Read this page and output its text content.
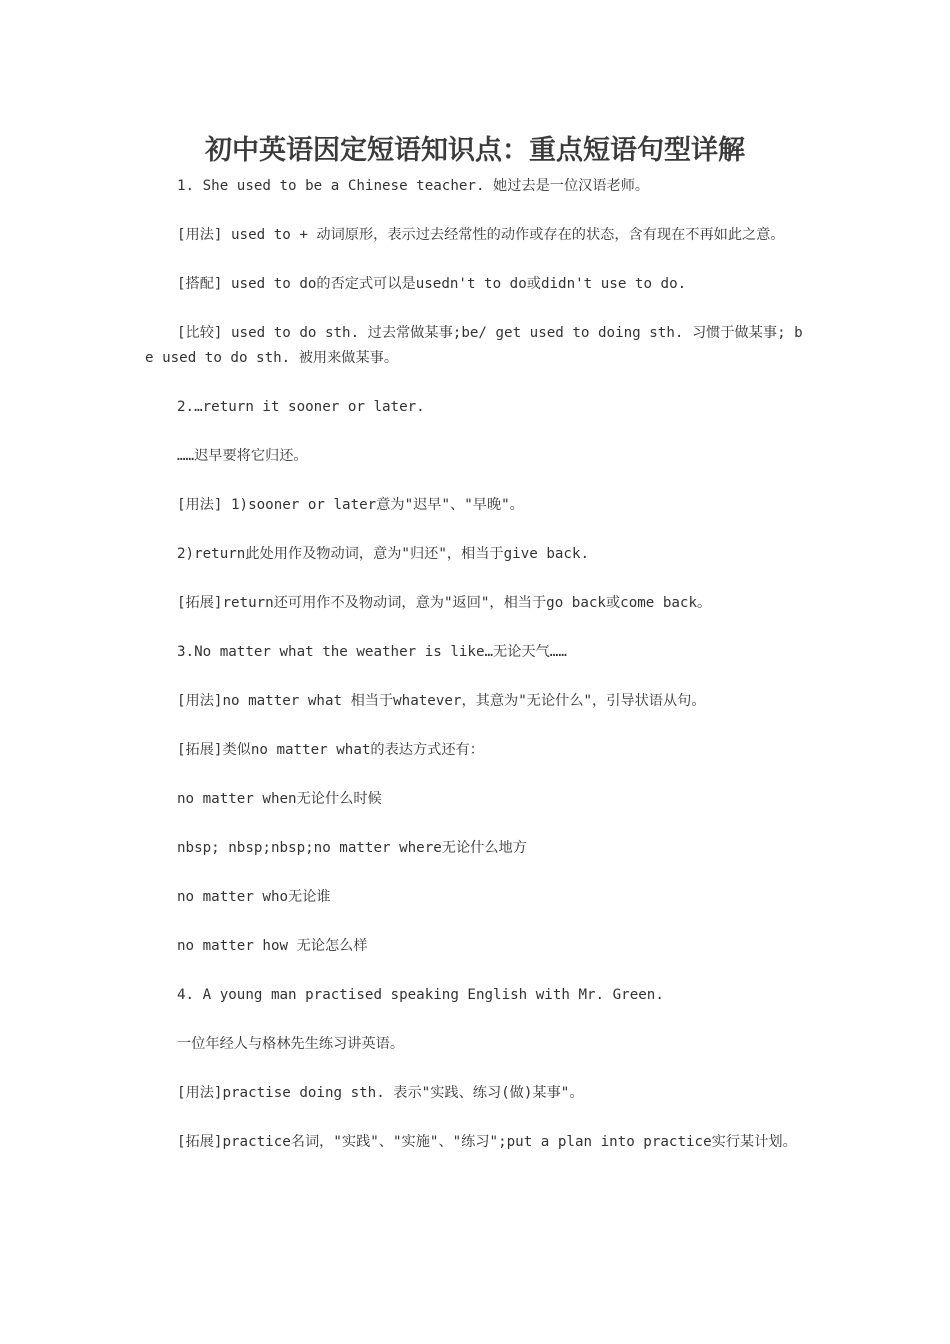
初中英语因定短语知识点：重点短语句型详解

1. She used to be a Chinese teacher. 她过去是一位汉语老师。

[用法] used to + 动词原形，表示过去经常性的动作或存在的状态，含有现在不再如此之意。

[搭配] used to do的否定式可以是usedn't to do或didn't use to do.

[比较] used to do sth. 过去常做某事;be/ get used to doing sth. 习惯于做某事; be used to do sth. 被用来做某事。

2.…return it sooner or later.

……迟早要将它归还。

[用法] 1)sooner or later意为"迟早"、"早晚"。

2)return此处用作及物动词，意为"归还"，相当于give back.

[拓展]return还可用作不及物动词，意为"返回"，相当于go back或come back。

3.No matter what the weather is like…无论天气……

[用法]no matter what 相当于whatever，其意为"无论什么"，引导状语从句。

[拓展]类似no matter what的表达方式还有：

no matter when无论什么时候

nbsp; nbsp;nbsp;no matter where无论什么地方

no matter who无论谁

no matter how 无论怎么样

4. A young man practised speaking English with Mr. Green.

一位年经人与格林先生练习讲英语。

[用法]practise doing sth. 表示"实践、练习(做)某事"。

[拓展]practice名词，"实践"、"实施"、"练习";put a plan into practice实行某计划。
